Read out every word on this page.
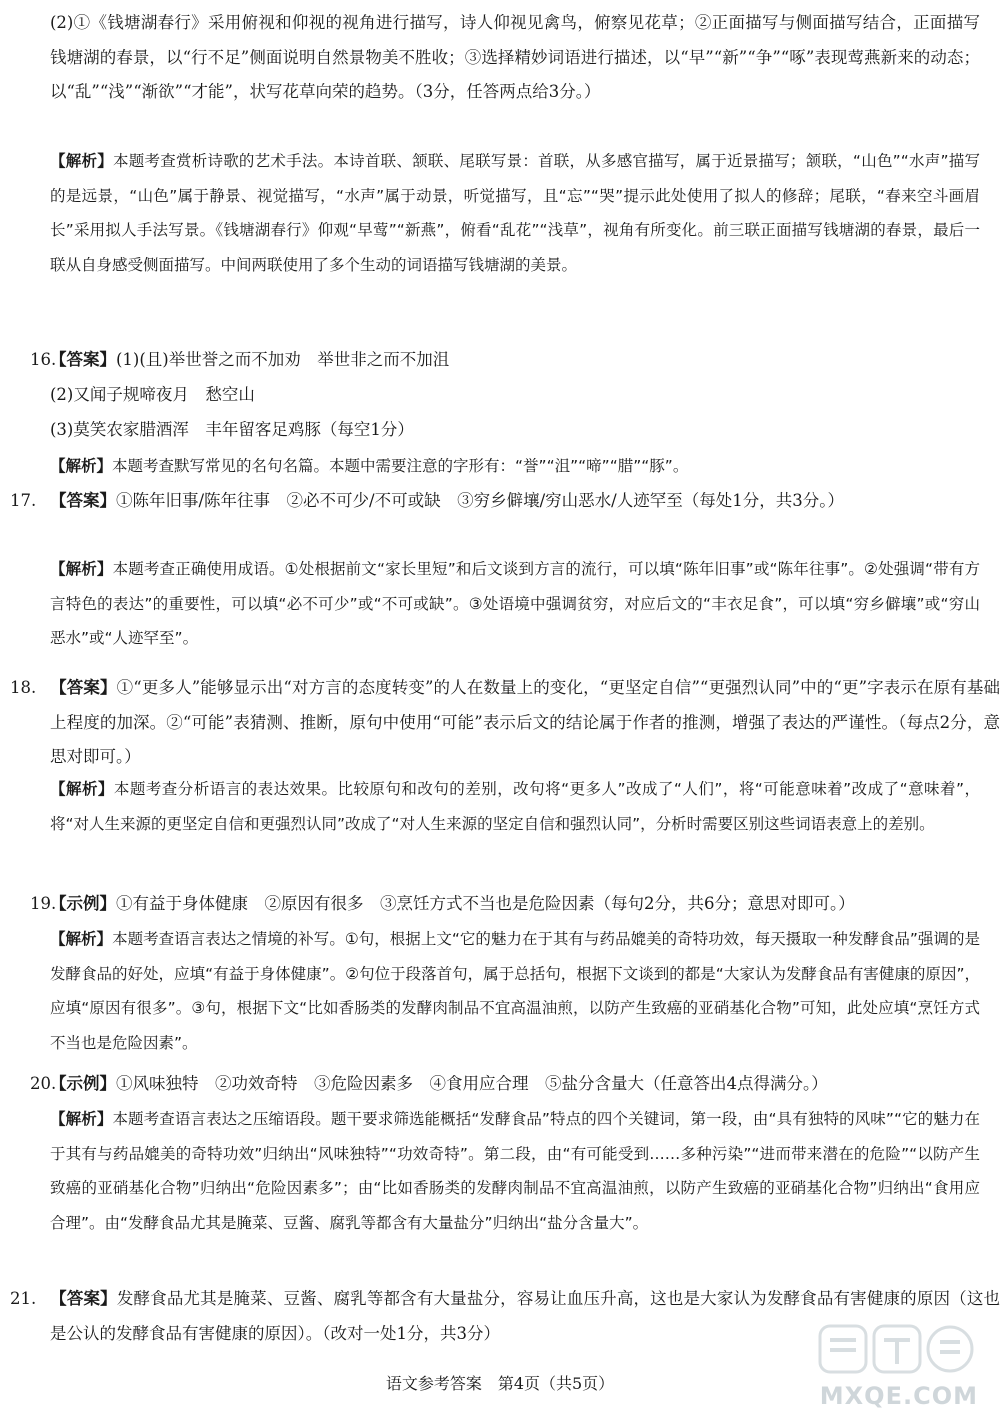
(2)①《钱塘湖春行》采用俯视和仰视的视角进行描写，诗人仰视见禽鸟，俯察见花草；②正面描写与侧面描写结合，正面描写钱塘湖的春景，以“行不足”侧面说明自然景物美不胜收；③选择精妙词语进行描述，以“早”“新”“争”“啄”表现莺燕新来的动态；以“乱”“浅”“渐欲”“才能”，状写花草向荣的趋势。（3分，任答两点给3分。）
【解析】本题考查赏析诗歌的艺术手法。本诗首联、颔联、尾联写景：首联，从多感官描写，属于近景描写；颔联，“山色”“水声”描写的是远景，“山色”属于静景、视觉描写，“水声”属于动景，听觉描写，且“忘”“哭”提示此处使用了拟人的修辞；尾联，“春来空斗画眉长”采用拟人手法写景。《钱塘湖春行》仰观“早莺”“新燕”，俯看“乱花”“浅草”，视角有所变化。前三联正面描写钱塘湖的春景，最后一联从自身感受侧面描写。中间两联使用了多个生动的词语描写钱塘湖的美景。
16.【答案】(1)(且)举世誉之而不加劝　举世非之而不加沮
(2)又闻子规啼夜月　愁空山
(3)莫笑农家腊酒浑　丰年留客足鸡豚（每空1分）
【解析】本题考查默写常见的名句名篇。本题中需要注意的字形有：“誉”“沮”“啼”“腊”“豚”。
17. 【答案】①陈年旧事/陈年往事　②必不可少/不可或缺　③穷乡僻壤/穷山恶水/人迹罕至（每处1分，共3分。）
【解析】本题考查正确使用成语。①处根据前文“家长里短”和后文谈到方言的流行，可以填“陈年旧事”或“陈年往事”。②处强调“带有方言特色的表达”的重要性，可以填“必不可少”或“不可或缺”。③处语境中强调贫穷，对应后文的“丰衣足食”，可以填“穷乡僻壤”或“穷山恶水”或“人迹罕至”。
18. 【答案】①“更多人”能够显示出“对方言的态度转变”的人在数量上的变化，“更坚定自信”“更强烈认同”中的“更”字表示在原有基础上程度的加深。②“可能”表猜测、推断，原句中使用“可能”表示后文的结论属于作者的推测，增强了表达的严谨性。（每点2分，意思对即可。）
【解析】本题考查分析语言的表达效果。比较原句和改句的差别，改句将“更多人”改成了“人们”，将“可能意味着”改成了“意味着”，将“对人生来源的更坚定自信和更强烈认同”改成了“对人生来源的坚定自信和强烈认同”，分析时需要区别这些词语表意上的差别。
19.【示例】①有益于身体健康　②原因有很多　③烹饪方式不当也是危险因素（每句2分，共6分；意思对即可。）
【解析】本题考查语言表达之情境的补写。①句，根据上文“它的魅力在于其有与药品媲美的奇特功效，每天摄取一种发酵食品”强调的是发酵食品的好处，应填“有益于身体健康”。②句位于段落首句，属于总括句，根据下文谈到的都是“大家认为发酵食品有害健康的原因”，应填“原因有很多”。③句，根据下文“比如香肠类的发酵肉制品不宜高温油煎，以防产生致癌的亚硝基化合物”可知，此处应填“烹饪方式不当也是危险因素”。
20.【示例】①风味独特　②功效奇特　③危险因素多　④食用应合理　⑤盐分含量大（任意答出4点得满分。）
【解析】本题考查语言表达之压缩语段。题干要求筛选能概括“发酵食品”特点的四个关键词，第一段，由“具有独特的风味”“它的魅力在于其有与药品媲美的奇特功效”归纳出“风味独特”“功效奇特”。第二段，由“有可能受到……多种污染”“进而带来潜在的危险”“以防产生致癌的亚硝基化合物”归纳出“危险因素多”；由“比如香肠类的发酵肉制品不宜高温油煎，以防产生致癌的亚硝基化合物”归纳出“食用应合理”。由“发酵食品尤其是腌菜、豆酱、腐乳等都含有大量盐分”归纳出“盐分含量大”。
21. 【答案】发酵食品尤其是腌菜、豆酱、腐乳等都含有大量盐分，容易让血压升高，这也是大家认为发酵食品有害健康的原因（这也是公认的发酵食品有害健康的原因）。（改对一处1分，共3分）
语文参考答案　第4页（共5页）	MXQE.COM
